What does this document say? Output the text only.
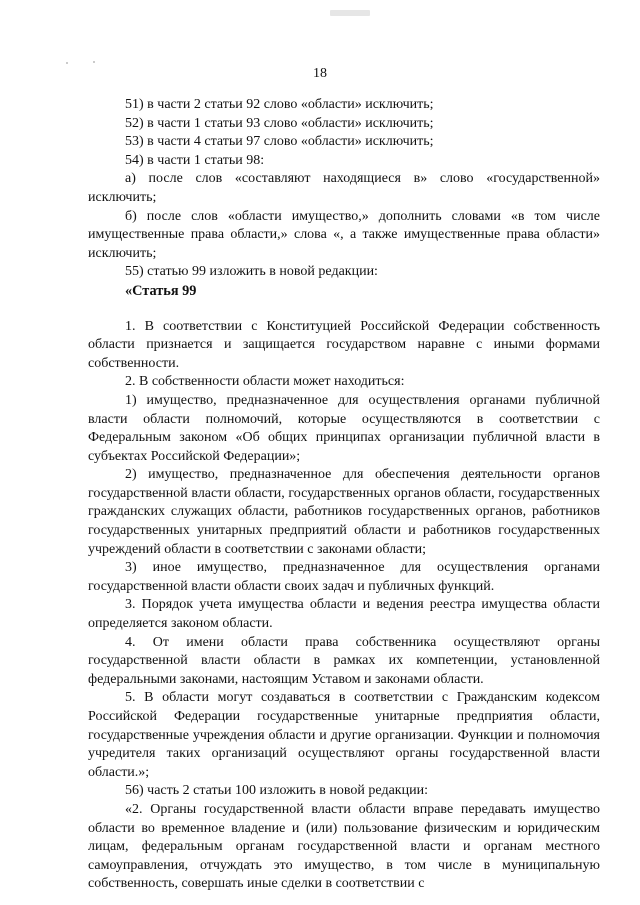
18

51) в части 2 статьи 92 слово «области» исключить;

52) в части 1 статьи 93 слово «области» исключить;

53) в части 4 статьи 97 слово «области» исключить;

54) в части 1 статьи 98:

а) после слов «составляют находящиеся в» слово «государственной» исключить;

б) после слов «области имущество,» дополнить словами «в том числе имущественные права области,» слова «, а также имущественные права области» исключить;

55) статью 99 изложить в новой редакции:

«Статья 99

1. В соответствии с Конституцией Российской Федерации собственность области признается и защищается государством наравне с иными формами собственности.

2. В собственности области может находиться:

1) имущество, предназначенное для осуществления органами публичной власти области полномочий, которые осуществляются в соответствии с Федеральным законом «Об общих принципах организации публичной власти в субъектах Российской Федерации»;

2) имущество, предназначенное для обеспечения деятельности органов государственной власти области, государственных органов области, государственных гражданских служащих области, работников государственных органов, работников государственных унитарных предприятий области и работников государственных учреждений области в соответствии с законами области;

3) иное имущество, предназначенное для осуществления органами государственной власти области своих задач и публичных функций.

3. Порядок учета имущества области и ведения реестра имущества области определяется законом области.

4. От имени области права собственника осуществляют органы государственной власти области в рамках их компетенции, установленной федеральными законами, настоящим Уставом и законами области.

5. В области могут создаваться в соответствии с Гражданским кодексом Российской Федерации государственные унитарные предприятия области, государственные учреждения области и другие организации. Функции и полномочия учредителя таких организаций осуществляют органы государственной власти области.»;

56) часть 2 статьи 100 изложить в новой редакции:

«2. Органы государственной власти области вправе передавать имущество области во временное владение и (или) пользование физическим и юридическим лицам, федеральным органам государственной власти и органам местного самоуправления, отчуждать это имущество, в том числе в муниципальную собственность, совершать иные сделки в соответствии с
